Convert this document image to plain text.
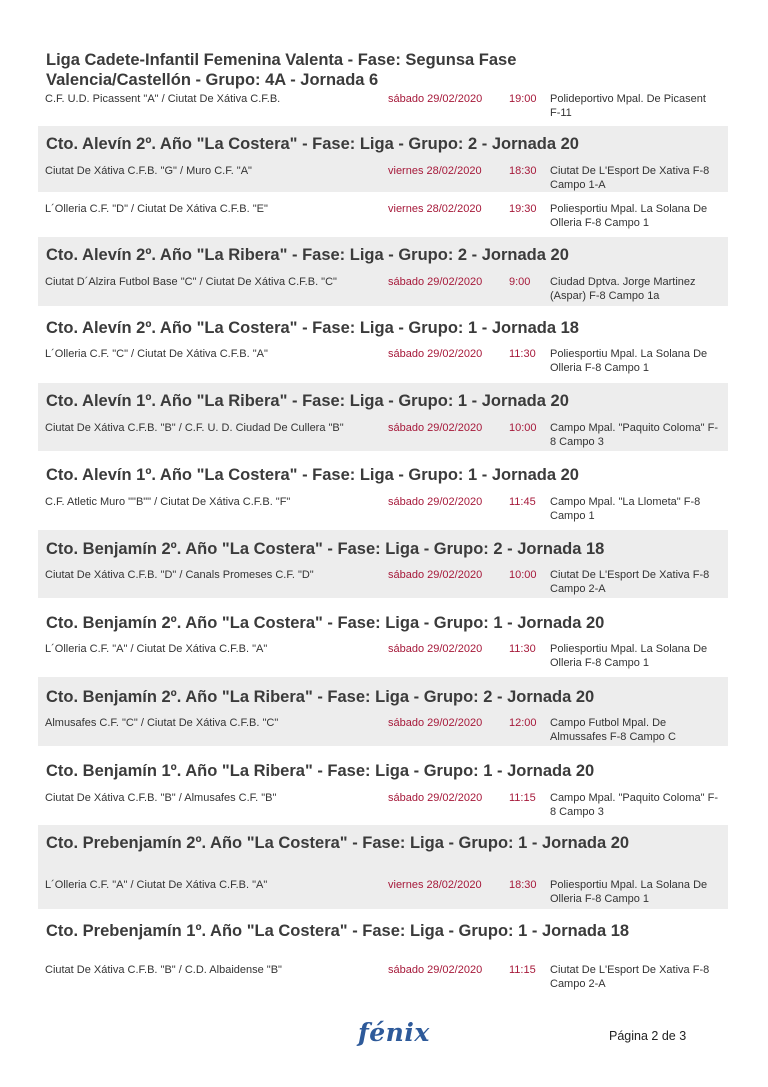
Liga Cadete-Infantil Femenina Valenta - Fase: Segunsa Fase Valencia/Castellón - Grupo: 4A - Jornada 6
C.F. U.D. Picassent "A" / Ciutat De Xátiva C.F.B.	sábado 29/02/2020	19:00	Polideportivo Mpal. De Picasent F-11
Cto. Alevín 2º. Año "La Costera" - Fase: Liga - Grupo: 2 - Jornada 20
Ciutat De Xátiva C.F.B. "G" / Muro C.F. "A"	viernes 28/02/2020	18:30	Ciutat De L'Esport De Xativa F-8 Campo 1-A
L´Olleria C.F. "D" / Ciutat De Xátiva C.F.B. "E"	viernes 28/02/2020	19:30	Poliesportiu Mpal. La Solana De Olleria F-8 Campo 1
Cto. Alevín 2º. Año "La Ribera" - Fase: Liga - Grupo: 2 - Jornada 20
Ciutat D´Alzira Futbol Base "C" / Ciutat De Xátiva C.F.B. "C"	sábado 29/02/2020	9:00	Ciudad Dptva. Jorge Martinez (Aspar) F-8 Campo 1a
Cto. Alevín 2º. Año "La Costera" - Fase: Liga - Grupo: 1 - Jornada 18
L´Olleria C.F. "C" / Ciutat De Xátiva C.F.B. "A"	sábado 29/02/2020	11:30	Poliesportiu Mpal. La Solana De Olleria F-8 Campo 1
Cto. Alevín 1º. Año "La Ribera" - Fase: Liga - Grupo: 1 - Jornada 20
Ciutat De Xátiva C.F.B. "B" / C.F. U. D. Ciudad De Cullera "B"	sábado 29/02/2020	10:00	Campo Mpal. "Paquito Coloma" F-8 Campo 3
Cto. Alevín 1º. Año "La Costera" - Fase: Liga - Grupo: 1 - Jornada 20
C.F. Atletic Muro ""B"" / Ciutat De Xátiva C.F.B. "F"	sábado 29/02/2020	11:45	Campo Mpal. "La Llometa" F-8 Campo 1
Cto. Benjamín 2º. Año "La Costera" - Fase: Liga - Grupo: 2 - Jornada 18
Ciutat De Xátiva C.F.B. "D" / Canals Promeses C.F. "D"	sábado 29/02/2020	10:00	Ciutat De L'Esport De Xativa F-8 Campo 2-A
Cto. Benjamín 2º. Año "La Costera" - Fase: Liga - Grupo: 1 - Jornada 20
L´Olleria C.F. "A" / Ciutat De Xátiva C.F.B. "A"	sábado 29/02/2020	11:30	Poliesportiu Mpal. La Solana De Olleria F-8 Campo 1
Cto. Benjamín 2º. Año "La Ribera" - Fase: Liga - Grupo: 2 - Jornada 20
Almusafes C.F. "C" / Ciutat De Xátiva C.F.B. "C"	sábado 29/02/2020	12:00	Campo Futbol Mpal. De Almussafes F-8 Campo C
Cto. Benjamín 1º. Año "La Ribera" - Fase: Liga - Grupo: 1 - Jornada 20
Ciutat De Xátiva C.F.B. "B" / Almusafes C.F. "B"	sábado 29/02/2020	11:15	Campo Mpal. "Paquito Coloma" F-8 Campo 3
Cto. Prebenjamín 2º. Año "La Costera" - Fase: Liga - Grupo: 1 - Jornada 20
L´Olleria C.F. "A" / Ciutat De Xátiva C.F.B. "A"	viernes 28/02/2020	18:30	Poliesportiu Mpal. La Solana De Olleria F-8 Campo 1
Cto. Prebenjamín 1º. Año "La Costera" - Fase: Liga - Grupo: 1 - Jornada 18
Ciutat De Xátiva C.F.B. "B" / C.D. Albaidense "B"	sábado 29/02/2020	11:15	Ciutat De L'Esport De Xativa F-8 Campo 2-A
fénix	Página 2 de 3
